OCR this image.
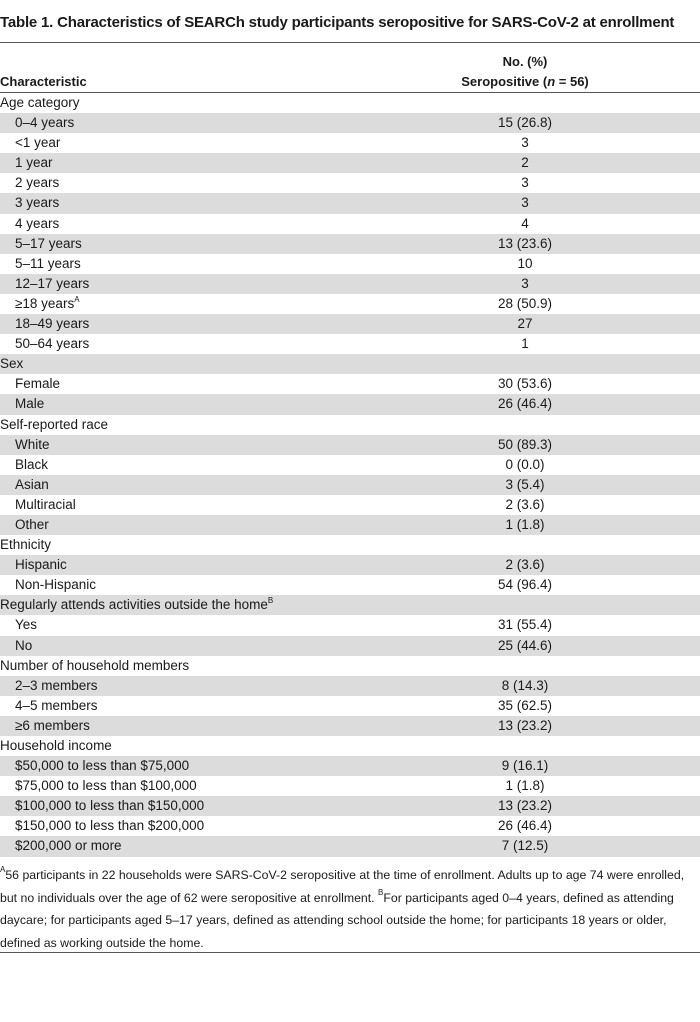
Table 1. Characteristics of SEARCh study participants seropositive for SARS-CoV-2 at enrollment
Characteristic
No. (%)
Seropositive (n = 56)
Age category
0–4 years	15 (26.8)
<1 year	3
1 year	2
2 years	3
3 years	3
4 years	4
5–17 years	13 (23.6)
5–11 years	10
12–17 years	3
≥18 years$^A$	28 (50.9)
18–49 years	27
50–64 years	1
Sex
Female	30 (53.6)
Male	26 (46.4)
Self-reported race
White	50 (89.3)
Black	0 (0.0)
Asian	3 (5.4)
Multiracial	2 (3.6)
Other	1 (1.8)
Ethnicity
Hispanic	2 (3.6)
Non-Hispanic	54 (96.4)
Regularly attends activities outside the home$^B$
Yes	31 (55.4)
No	25 (44.6)
Number of household members
2–3 members	8 (14.3)
4–5 members	35 (62.5)
≥6 members	13 (23.2)
Household income
$50,000 to less than $75,000	9 (16.1)
$75,000 to less than $100,000	1 (1.8)
$100,000 to less than $150,000	13 (23.2)
$150,000 to less than $200,000	26 (46.4)
$200,000 or more	7 (12.5)
$^A$56 participants in 22 households were SARS-CoV-2 seropositive at the time of enrollment. Adults up to age 74 were enrolled, but no individuals over the age of 62 were seropositive at enrollment. $^B$For participants aged 0–4 years, defined as attending daycare; for participants aged 5–17 years, defined as attending school outside the home; for participants 18 years or older, defined as working outside the home.
